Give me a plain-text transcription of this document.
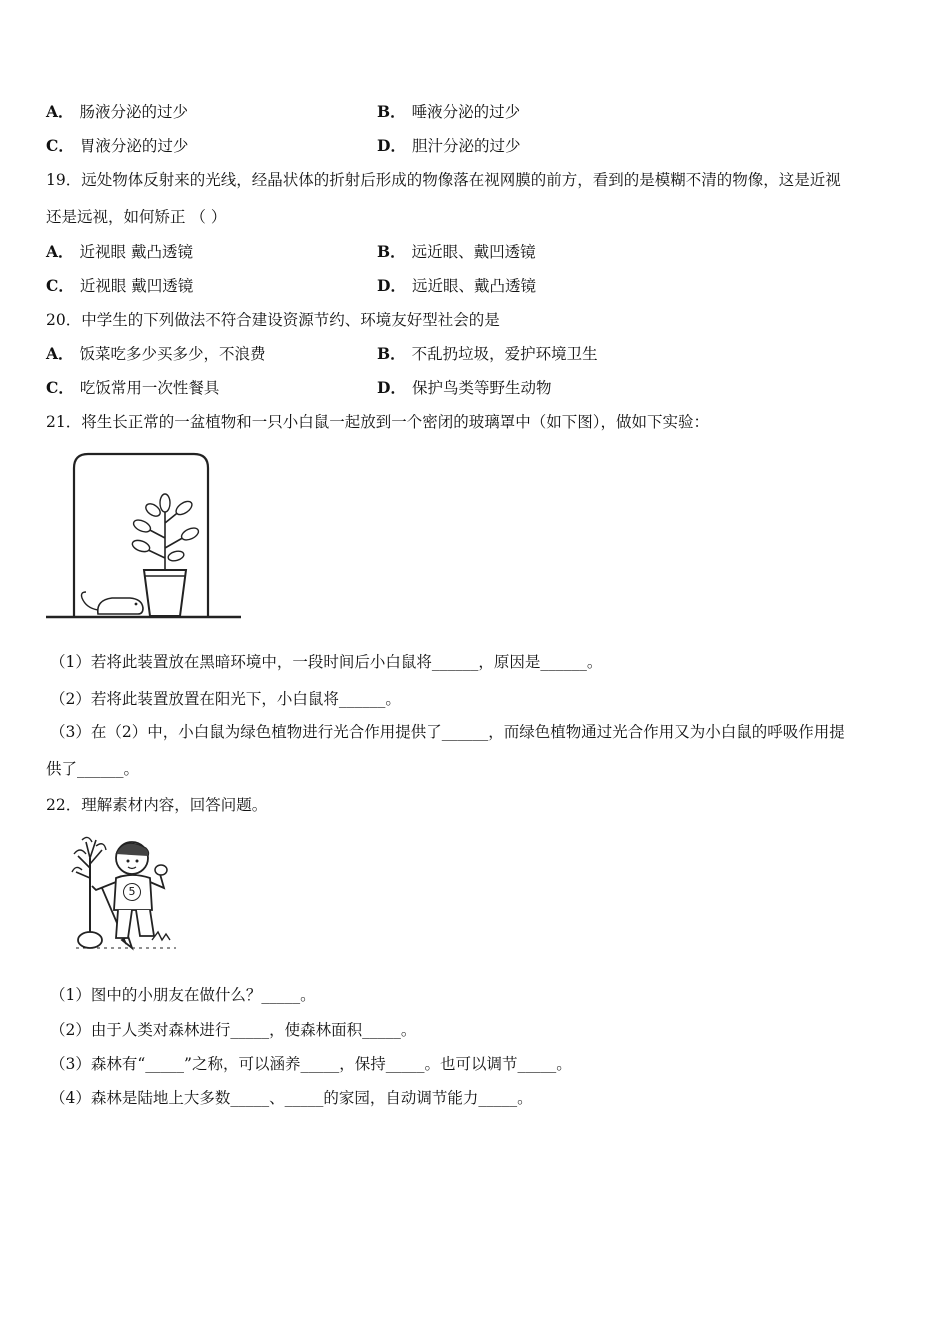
A． 肠液分泌的过少	B． 唾液分泌的过少
C． 胃液分泌的过少	D． 胆汁分泌的过少
19．远处物体反射来的光线，经晶状体的折射后形成的物像落在视网膜的前方，看到的是模糊不清的物像，这是近视
还是远视，如何矫正 （ ）
A． 近视眼 戴凸透镜	B． 远近眼、戴凹透镜
C． 近视眼 戴凹透镜	D． 远近眼、戴凸透镜
20．中学生的下列做法不符合建设资源节约、环境友好型社会的是
A． 饭菜吃多少买多少，不浪费	B． 不乱扔垃圾，爱护环境卫生
C． 吃饭常用一次性餐具	D． 保护鸟类等野生动物
21．将生长正常的一盆植物和一只小白鼠一起放到一个密闭的玻璃罩中（如下图），做如下实验：
（1）若将此装置放在黑暗环境中，一段时间后小白鼠将______，原因是______。
（2）若将此装置放置在阳光下，小白鼠将______。
（3）在（2）中，小白鼠为绿色植物进行光合作用提供了______，而绿色植物通过光合作用又为小白鼠的呼吸作用提
供了______。
22．理解素材内容，回答问题。
5
（1）图中的小朋友在做什么？_____。
（2）由于人类对森林进行_____，使森林面积_____。
（3）森林有“_____”之称，可以涵养_____，保持_____。也可以调节_____。
（4）森林是陆地上大多数_____、_____的家园，自动调节能力_____。
